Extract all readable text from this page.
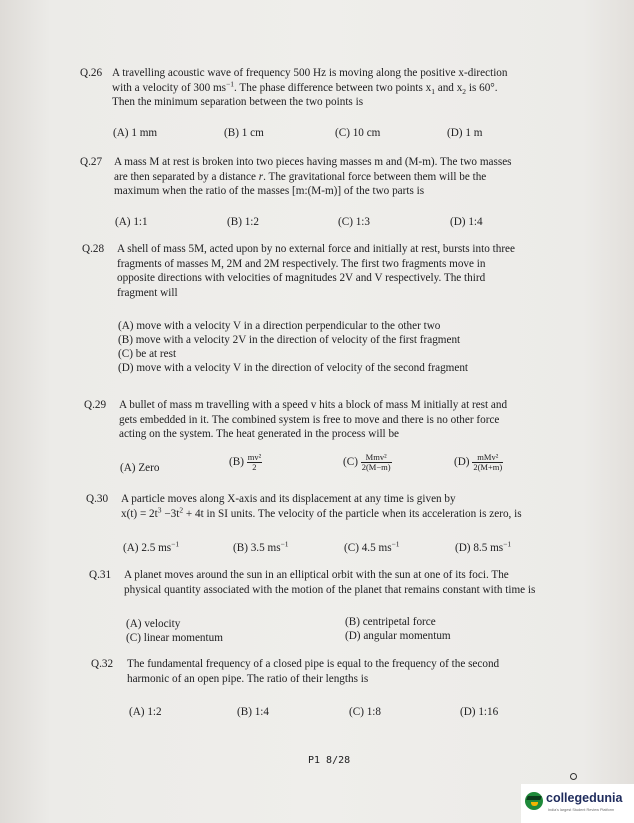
Q.26 A travelling acoustic wave of frequency 500 Hz is moving along the positive x-direction
with a velocity of 300 $ms^{-1}$. The phase difference between two points $x_1$ and $x_2$ is 60°.
Then the minimum separation between the two points is
(A) 1 mm	(B) 1 cm	(C) 10 cm	(D) 1 m
Q.27 A mass M at rest is broken into two pieces having masses m and (M-m). The two masses
are then separated by a distance r. The gravitational force between them will be the
maximum when the ratio of the masses [m:(M-m)] of the two parts is
(A) 1:1	(B) 1:2	(C) 1:3	(D) 1:4
Q.28 A shell of mass 5M, acted upon by no external force and initially at rest, bursts into three
fragments of masses M, 2M and 2M respectively. The first two fragments move in
opposite directions with velocities of magnitudes 2V and V respectively. The third
fragment will
(A) move with a velocity V in a direction perpendicular to the other two
(B) move with a velocity 2V in the direction of velocity of the first fragment
(C) be at rest
(D) move with a velocity V in the direction of velocity of the second fragment
Q.29 A bullet of mass m travelling with a speed v hits a block of mass M initially at rest and
gets embedded in it. The combined system is free to move and there is no other force
acting on the system. The heat generated in the process will be
(A) Zero	$(B) \frac{\text{mv²}}{2}$	$(C) \frac{\text{Mmv²}}{2(M-m)}$	$(D) \frac{\text{mMv²}}{2(M+m)}$
Q.30 A particle moves along X-axis and its displacement at any time is given by
$x(t) = 2t^3 -3t^2 + 4t$ in SI units. The velocity of the particle when its acceleration is zero, is
(A) 2.5 $ms^{-1}$	(B) 3.5 $ms^{-1}$	(C) 4.5 $ms^{-1}$	(D) 8.5 $ms^{-1}$
Q.31 A planet moves around the sun in an elliptical orbit with the sun at one of its foci. The
physical quantity associated with the motion of the planet that remains constant with time is
(A) velocity	(B) centripetal force
(C) linear momentum	(D) angular momentum
Q.32 The fundamental frequency of a closed pipe is equal to the frequency of the second
harmonic of an open pipe. The ratio of their lengths is
(A) 1:2	(B) 1:4	(C) 1:8	(D) 1:16
P1 8/28
collegedunia
India's largest Student Review Platform
